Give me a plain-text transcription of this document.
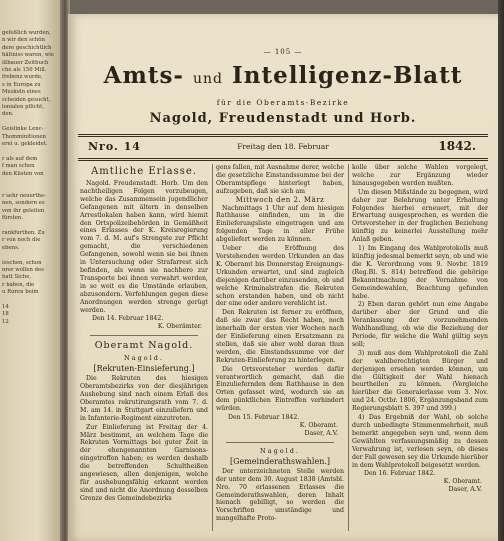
gefeßlich wurden,
n wir den schön
dere geschichtlich
hältniss waren, wie
ißbauer Zeitbuch
che als 150 Mill.
frebenz wurde,
s in Europa zu
Muskeln eines
scheiden gesucht,
lonialen pflicht,
den.

Geislinke Lenc-
Thomminitionen
erei u. gekleidet.

r als auf dem
f man schen
den Küsten von

r sehr neuerthe-
nen, sondern es
von ihr geleiten
fürsten.

rankfurthen. Zu
r von noch die
ebens.

ieschen, schon
nrer wollen des
hatt Siche,
r haben, die
u Ruren beim

14
18
12
— 105 —
Amts- und Intelligenz-Blatt
für die Oberamts-Bezirke
Nagold, Freudenstadt und Horb.
Nro. 14	Freitag den 18. Februar	1842.
Amtliche Erlasse.

Nagold. Freudenstadt. Horb. Um den nachtheiligen Folgen vorzubeugen, welche das Zusammensein jugendlicher Gefangenen mit ältern in denselben Arrestlokalen haben kann, wird hiemit den Ortspolizeibehörden in Gemäßheit eines Erlasses der K. Kreisregierung vom 7. d. M. auf's Strengste zur Pflicht gemacht, die verschiedenen Gefangenen, sowohl wenn sie bei ihnen in Untersuchung oder Strafarrest sich befinden, als wenn sie nachhero zur Transporte bei ihnen verwahrt werden, in so weit es die Umstände erlauben, abzusondern. Verfehlungen gegen diese Anordnungen werden strenge gerügt werden.

Den 14. Februar 1842.
K. Oberämter.
Oberamt Nagold.
Nagold.
[Rekruten-Einsieferung.]

Die Rekruten des hiesigen Oberamtsbezirks von der diesjährigen Aushebung sind nach einem Erlaß des Oberamtes rekrutirungsrath vom 7. d. M. am 14. in Stuttgart einzuliefern und in Infanterie-Regiment einzutreten.

Zur Einlieferung ist Freitag der 4. März bestimmt, an welchem Tage die Rekruten Vormittags bei guter Zeit in der ehengenannten Garnisons-eingetroffen haben; es werden deshalb die betreffenden Schultheißen angewiesen, allen denjenigen, welche für aushebungsfähig erkannt worden sind und nicht die Anordnung desselben Grenze des Gemeindebezirks

gens fallen, mit Ausnahme derer, welche die gesetzliche Einstandssumme bei der Oberamtspflege hinterlegt haben, aufzugeben, daß sie sich am

Mittwoch den 2. März

Nachmittags 1 Uhr auf dem hiesigen Rathhause einfinden, um in die Einlieferungsliste eingetragen und am folgenden Tage in aller Frühe abgeliefert werden zu können.

Ueber die Eröffnung des Vorstehenden werden Urkunden an das K. Oberamt bis Donnerstag Ereignungs-Urkunden erwartet, und sind zugleich diejenigen darüber einzusenden, ob und welche Kriminalstrafen die Rekruten schon erstanden haben, und ob nicht der eine oder andere verehlicht ist.

Den Rekruten ist ferner zu eröffnen, daß sie zwar das Recht haben, noch innerhalb der ersten vier Wochen nach der Einlieferung einen Ersatzmann zu stellen, daß sie aber wohl daran thun werden, die Einstandssumme vor der Rekruten-Einlieferung zu hinterlegen.

Die Ortsvorsteher werden dafür verantwortlich gemacht, daß die Einzuliefernden dem Rathhause in den Orten gefasset wird, wodurch sie an dem pünktlichen Eintreffen verhindert würden.

Den 15. Februar 1842.
K. Oberamt.
Daser, A.V.
Nagold.
[Gemeinderathswahlen.]

Der unterzeichneten Stelle werden der unter dem 30. August 1838 (Amtsbl. Nro. 70 erlassenen Erlasses die Gemeinderathswahlen, deren Inhalt hienach gebilligt, so werden die Vorschriften umständige und mangelhafte Proto-

kolle über solche Wahlen vorgelegt, welche zur Ergänzung wieder hinausgegeben werden mußten.

Um diesen Mißstände zu begegnen, wird daher zur Belehrung unter Erhaltung Folgendes hierbei erneuert, mit der Erwartung ausgesprochen, es werden die Ortsvorsteher in der fraglichen Beziehung künftig zu keinerlei Ausstellung mehr Anlaß geben.

1) Im Eingang des Wahlprotokolls muß künftig jedesmal bemerkt seyn, ob und wie die K. Verordnung vom 9. Novbr. 1819 (Reg.Bl. S. 814) betreffend die gehörige Bekanntmachung der Vornahme von Gemeindewahlen, Beachtung gefunden habe.

2) Eben daran gehört nun eine Angabe darüber aber der Grund und die Veranlassung der vorzunehmenden Wahlhandlung, ob wie die Beziehung der Periode, für welche die Wahl gültig seyn soll;

3) muß aus dem Wahlprotokoll die Zahl der wahlberechtigten Bürger und derjenigen ersehen werden können, um die Gültigkeit der Wahl hienach beurtheilen zu können. (Vergleiche hierüber die Generalerlasse vom 3. Nov. und 24. Octbr. 1806, Ergänzungsband zum Regierungsblatt S. 397 und 399.)

4) Das Ergebniß der Wahl, ob solche durch unbedingte Stimmenmehrheit, muß bemerkt angegeben seyn und, wenn dem Gewählten verfassungsmäßig zu dessen Verwahrung ist, verlesen seyn, ob dieses der Fall gewesen sey die Urkunde hierüber in dem Wahlprotokoll beigesetzt werden.

Den 16. Februar 1842.
K. Oberamt.
Daser, A.V.
